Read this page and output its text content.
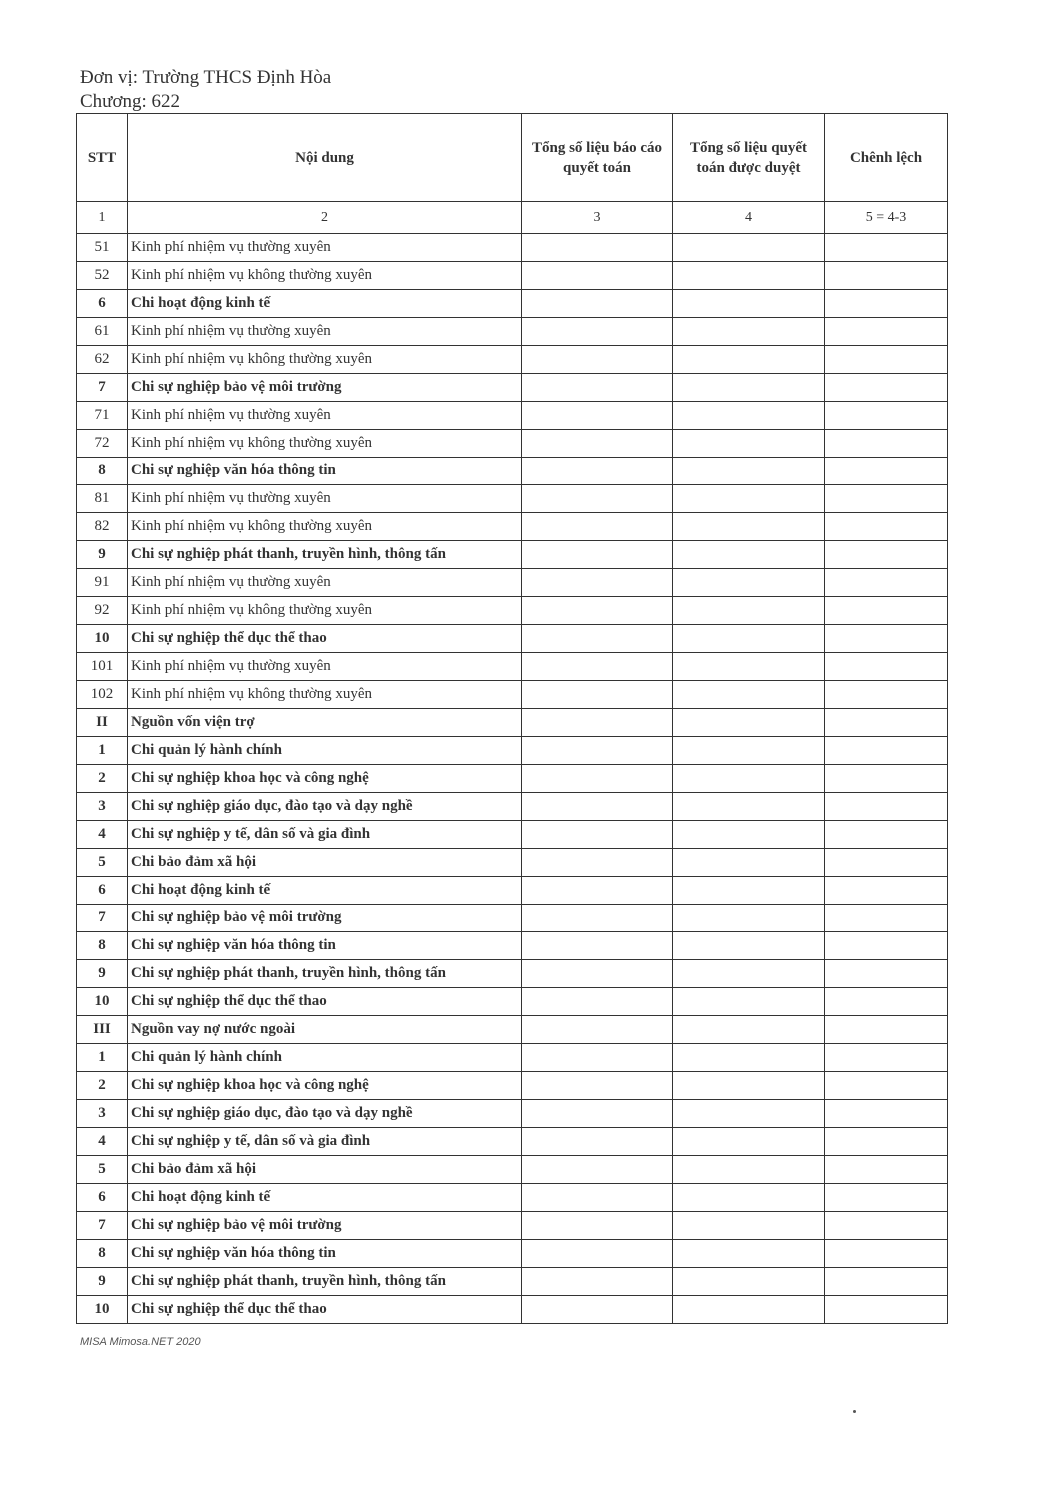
Đơn vị: Trường THCS Định Hòa
Chương: 622
STT	Nội dung	Tổng số liệu báo cáo quyết toán	Tổng số liệu quyết toán được duyệt	Chênh lệch
1	2	3	4	5 = 4-3
51	Kinh phí nhiệm vụ thường xuyên			
52	Kinh phí nhiệm vụ không thường xuyên			
6	Chi hoạt động kinh tế			
61	Kinh phí nhiệm vụ thường xuyên			
62	Kinh phí nhiệm vụ không thường xuyên			
7	Chi sự nghiệp bảo vệ môi trường			
71	Kinh phí nhiệm vụ thường xuyên			
72	Kinh phí nhiệm vụ không thường xuyên			
8	Chi sự nghiệp văn hóa thông tin			
81	Kinh phí nhiệm vụ thường xuyên			
82	Kinh phí nhiệm vụ không thường xuyên			
9	Chi sự nghiệp phát thanh, truyền hình, thông tấn			
91	Kinh phí nhiệm vụ thường xuyên			
92	Kinh phí nhiệm vụ không thường xuyên			
10	Chi sự nghiệp thể dục thể thao			
101	Kinh phí nhiệm vụ thường xuyên			
102	Kinh phí nhiệm vụ không thường xuyên			
II	Nguồn vốn viện trợ			
1	Chi quản lý hành chính			
2	Chi sự nghiệp khoa học và công nghệ			
3	Chi sự nghiệp giáo dục, đào tạo và dạy nghề			
4	Chi sự nghiệp y tế, dân số và gia đình			
5	Chi bảo đảm xã hội			
6	Chi hoạt động kinh tế			
7	Chi sự nghiệp bảo vệ môi trường			
8	Chi sự nghiệp văn hóa thông tin			
9	Chi sự nghiệp phát thanh, truyền hình, thông tấn			
10	Chi sự nghiệp thể dục thể thao			
III	Nguồn vay nợ nước ngoài			
1	Chi quản lý hành chính			
2	Chi sự nghiệp khoa học và công nghệ			
3	Chi sự nghiệp giáo dục, đào tạo và dạy nghề			
4	Chi sự nghiệp y tế, dân số và gia đình			
5	Chi bảo đảm xã hội			
6	Chi hoạt động kinh tế			
7	Chi sự nghiệp bảo vệ môi trường			
8	Chi sự nghiệp văn hóa thông tin			
9	Chi sự nghiệp phát thanh, truyền hình, thông tấn			
10	Chi sự nghiệp thể dục thể thao			
MISA Mimosa.NET 2020
